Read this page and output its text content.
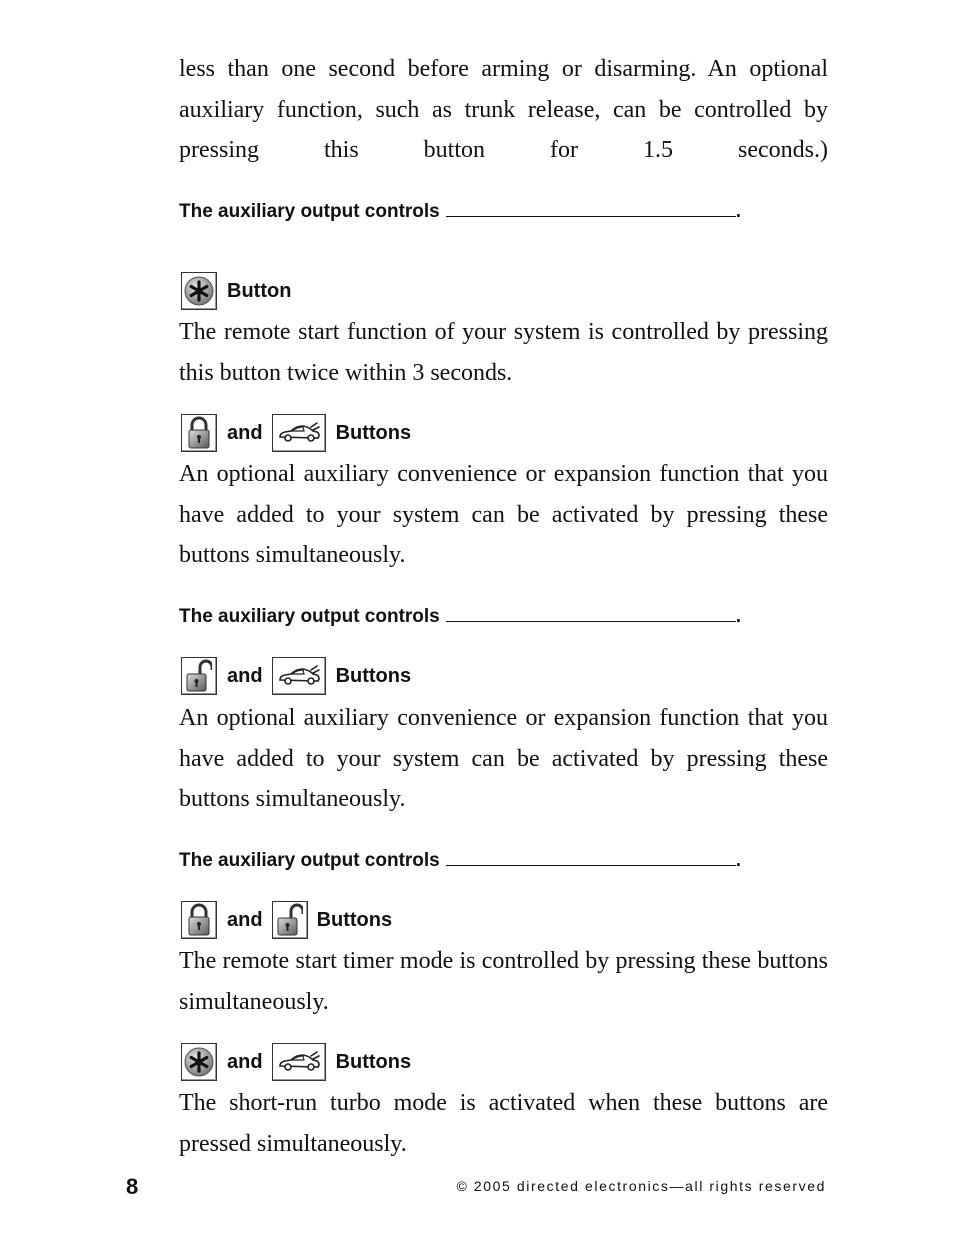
less than one second before arming or disarming. An optional auxiliary function, such as trunk release, can be controlled by pressing this button for 1.5 seconds.)
The auxiliary output controls	.
Button
The remote start function of your system is controlled by pressing this button twice within 3 seconds.
and	Buttons
An optional auxiliary convenience or expansion function that you have added to your system can be activated by pressing these buttons simultaneously.
The auxiliary output controls	.
and	Buttons
An optional auxiliary convenience or expansion function that you have added to your system can be activated by pressing these buttons simultaneously.
The auxiliary output controls	.
and	Buttons
The remote start timer mode is controlled by pressing these buttons simultaneously.
and	Buttons
The short-run turbo mode is activated when these buttons are pressed simultaneously.
8	© 2005 directed electronics—all rights reserved
